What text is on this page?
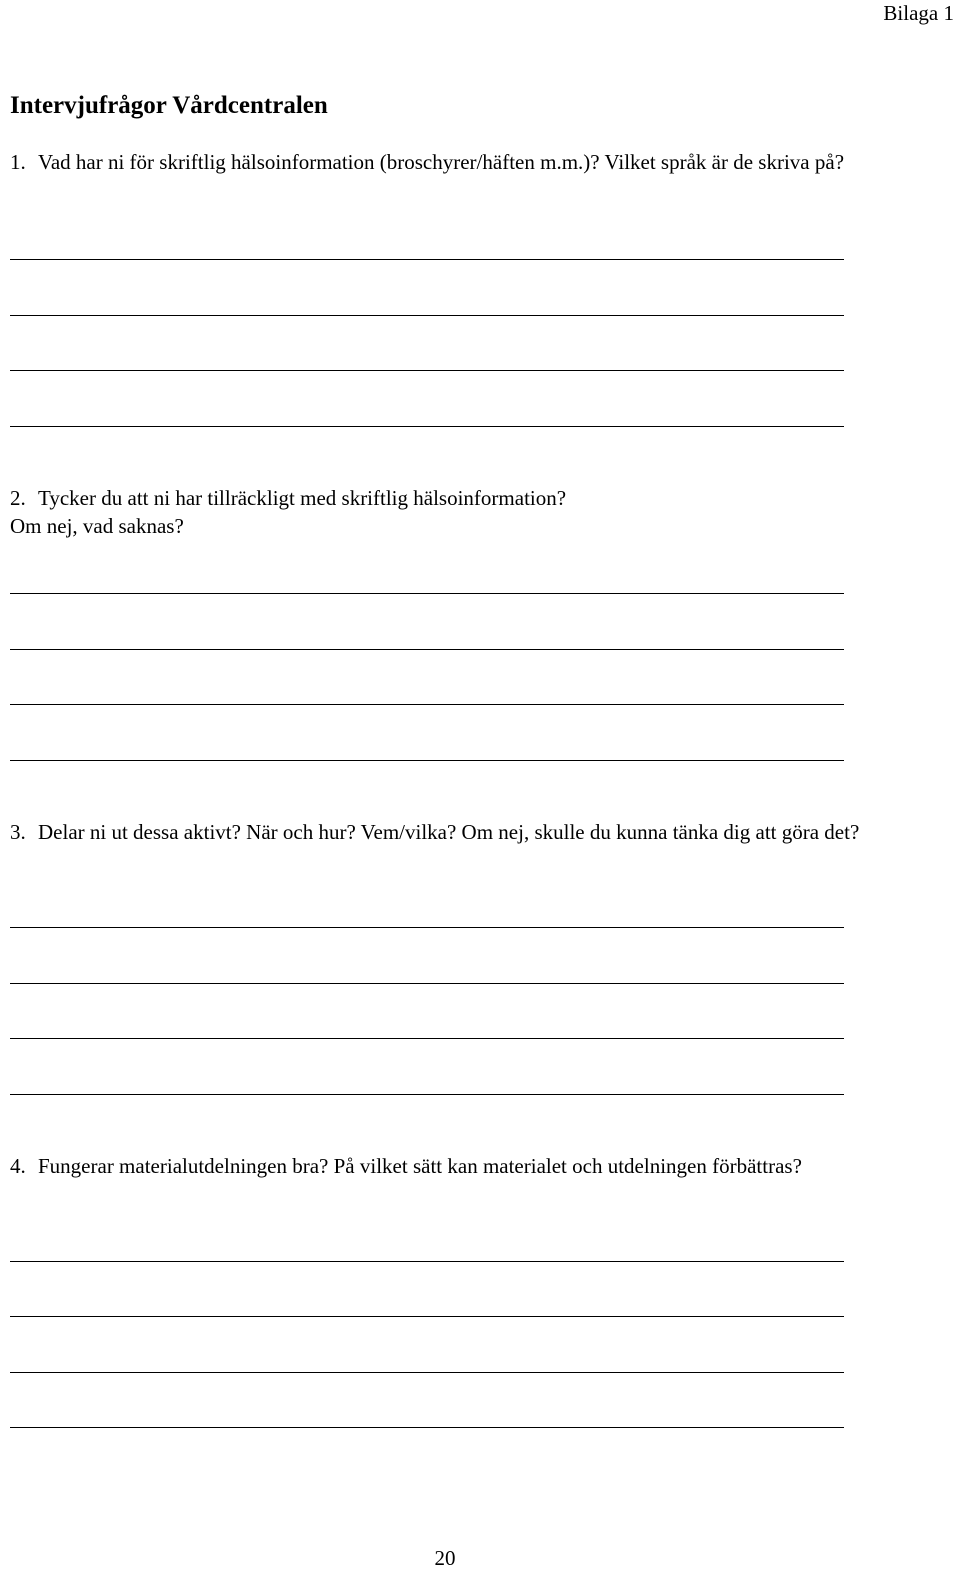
Bilaga 1
Intervjufrågor Vårdcentralen
1. Vad har ni för skriftlig hälsoinformation (broschyrer/häften m.m.)? Vilket språk är de skriva på?
2. Tycker du att ni har tillräckligt med skriftlig hälsoinformation?
Om nej, vad saknas?
3. Delar ni ut dessa aktivt? När och hur? Vem/vilka? Om nej, skulle du kunna tänka dig att göra det?
4. Fungerar materialutdelningen bra? På vilket sätt kan materialet och utdelningen förbättras?
20
